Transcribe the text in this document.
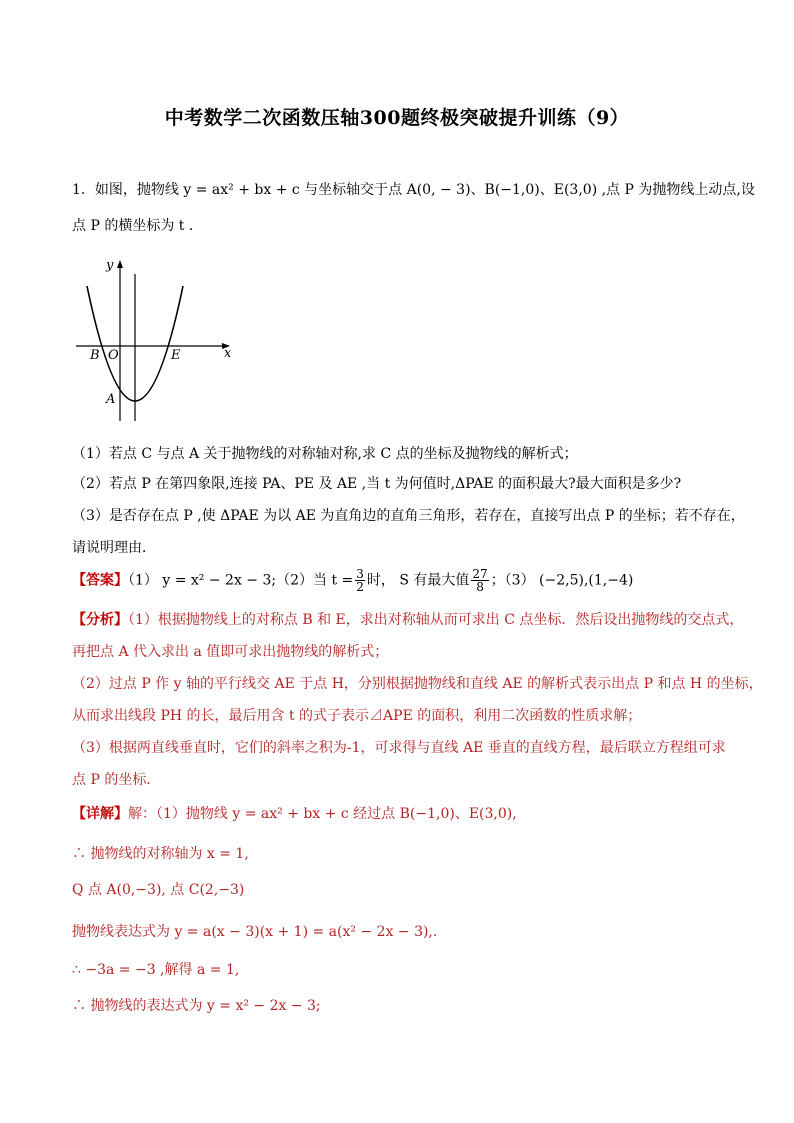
中考数学二次函数压轴300题终极突破提升训练（9）
1．如图，抛物线 y = ax² + bx + c 与坐标轴交于点 A(0, − 3)、B(−1,0)、E(3,0) ,点 P 为抛物线上动点,设
点 P 的横坐标为 t ．
y
x
B O	E
A
（1）若点 C 与点 A 关于抛物线的对称轴对称,求 C 点的坐标及抛物线的解析式；
（2）若点 P 在第四象限,连接 PA、PE 及 AE ,当 t 为何值时,ΔPAE 的面积最大?最大面积是多少?
（3）是否存在点 P ,使 ΔPAE 为以 AE 为直角边的直角三角形，若存在，直接写出点 P 的坐标；若不存在，
请说明理由．
【答案】（1） y = x² − 2x − 3;（2）当 $t = \frac{3}{2}$ 时， S 有最大值 $\frac{27}{8}$ ；（3） (−2,5),(1,−4)
【分析】（1）根据抛物线上的对称点 B 和 E，求出对称轴从而可求出 C 点坐标．然后设出抛物线的交点式，
再把点 A 代入求出 a 值即可求出抛物线的解析式；
（2）过点 P 作 y 轴的平行线交 AE 于点 H，分别根据抛物线和直线 AE 的解析式表示出点 P 和点 H 的坐标，
从而求出线段 PH 的长，最后用含 t 的式子表示⊿APE 的面积，利用二次函数的性质求解；
（3）根据两直线垂直时，它们的斜率之积为-1，可求得与直线 AE 垂直的直线方程，最后联立方程组可求
点 P 的坐标．
【详解】解：（1）抛物线 y = ax² + bx + c 经过点 B(−1,0)、E(3,0),
∴ 抛物线的对称轴为 x = 1,
Q 点 A(0,−3), 点 C(2,−3)
抛物线表达式为 y = a(x − 3)(x + 1) = a(x² − 2x − 3),.
∴ −3a = −3 ,解得 a = 1,
∴ 抛物线的表达式为 y = x² − 2x − 3;
